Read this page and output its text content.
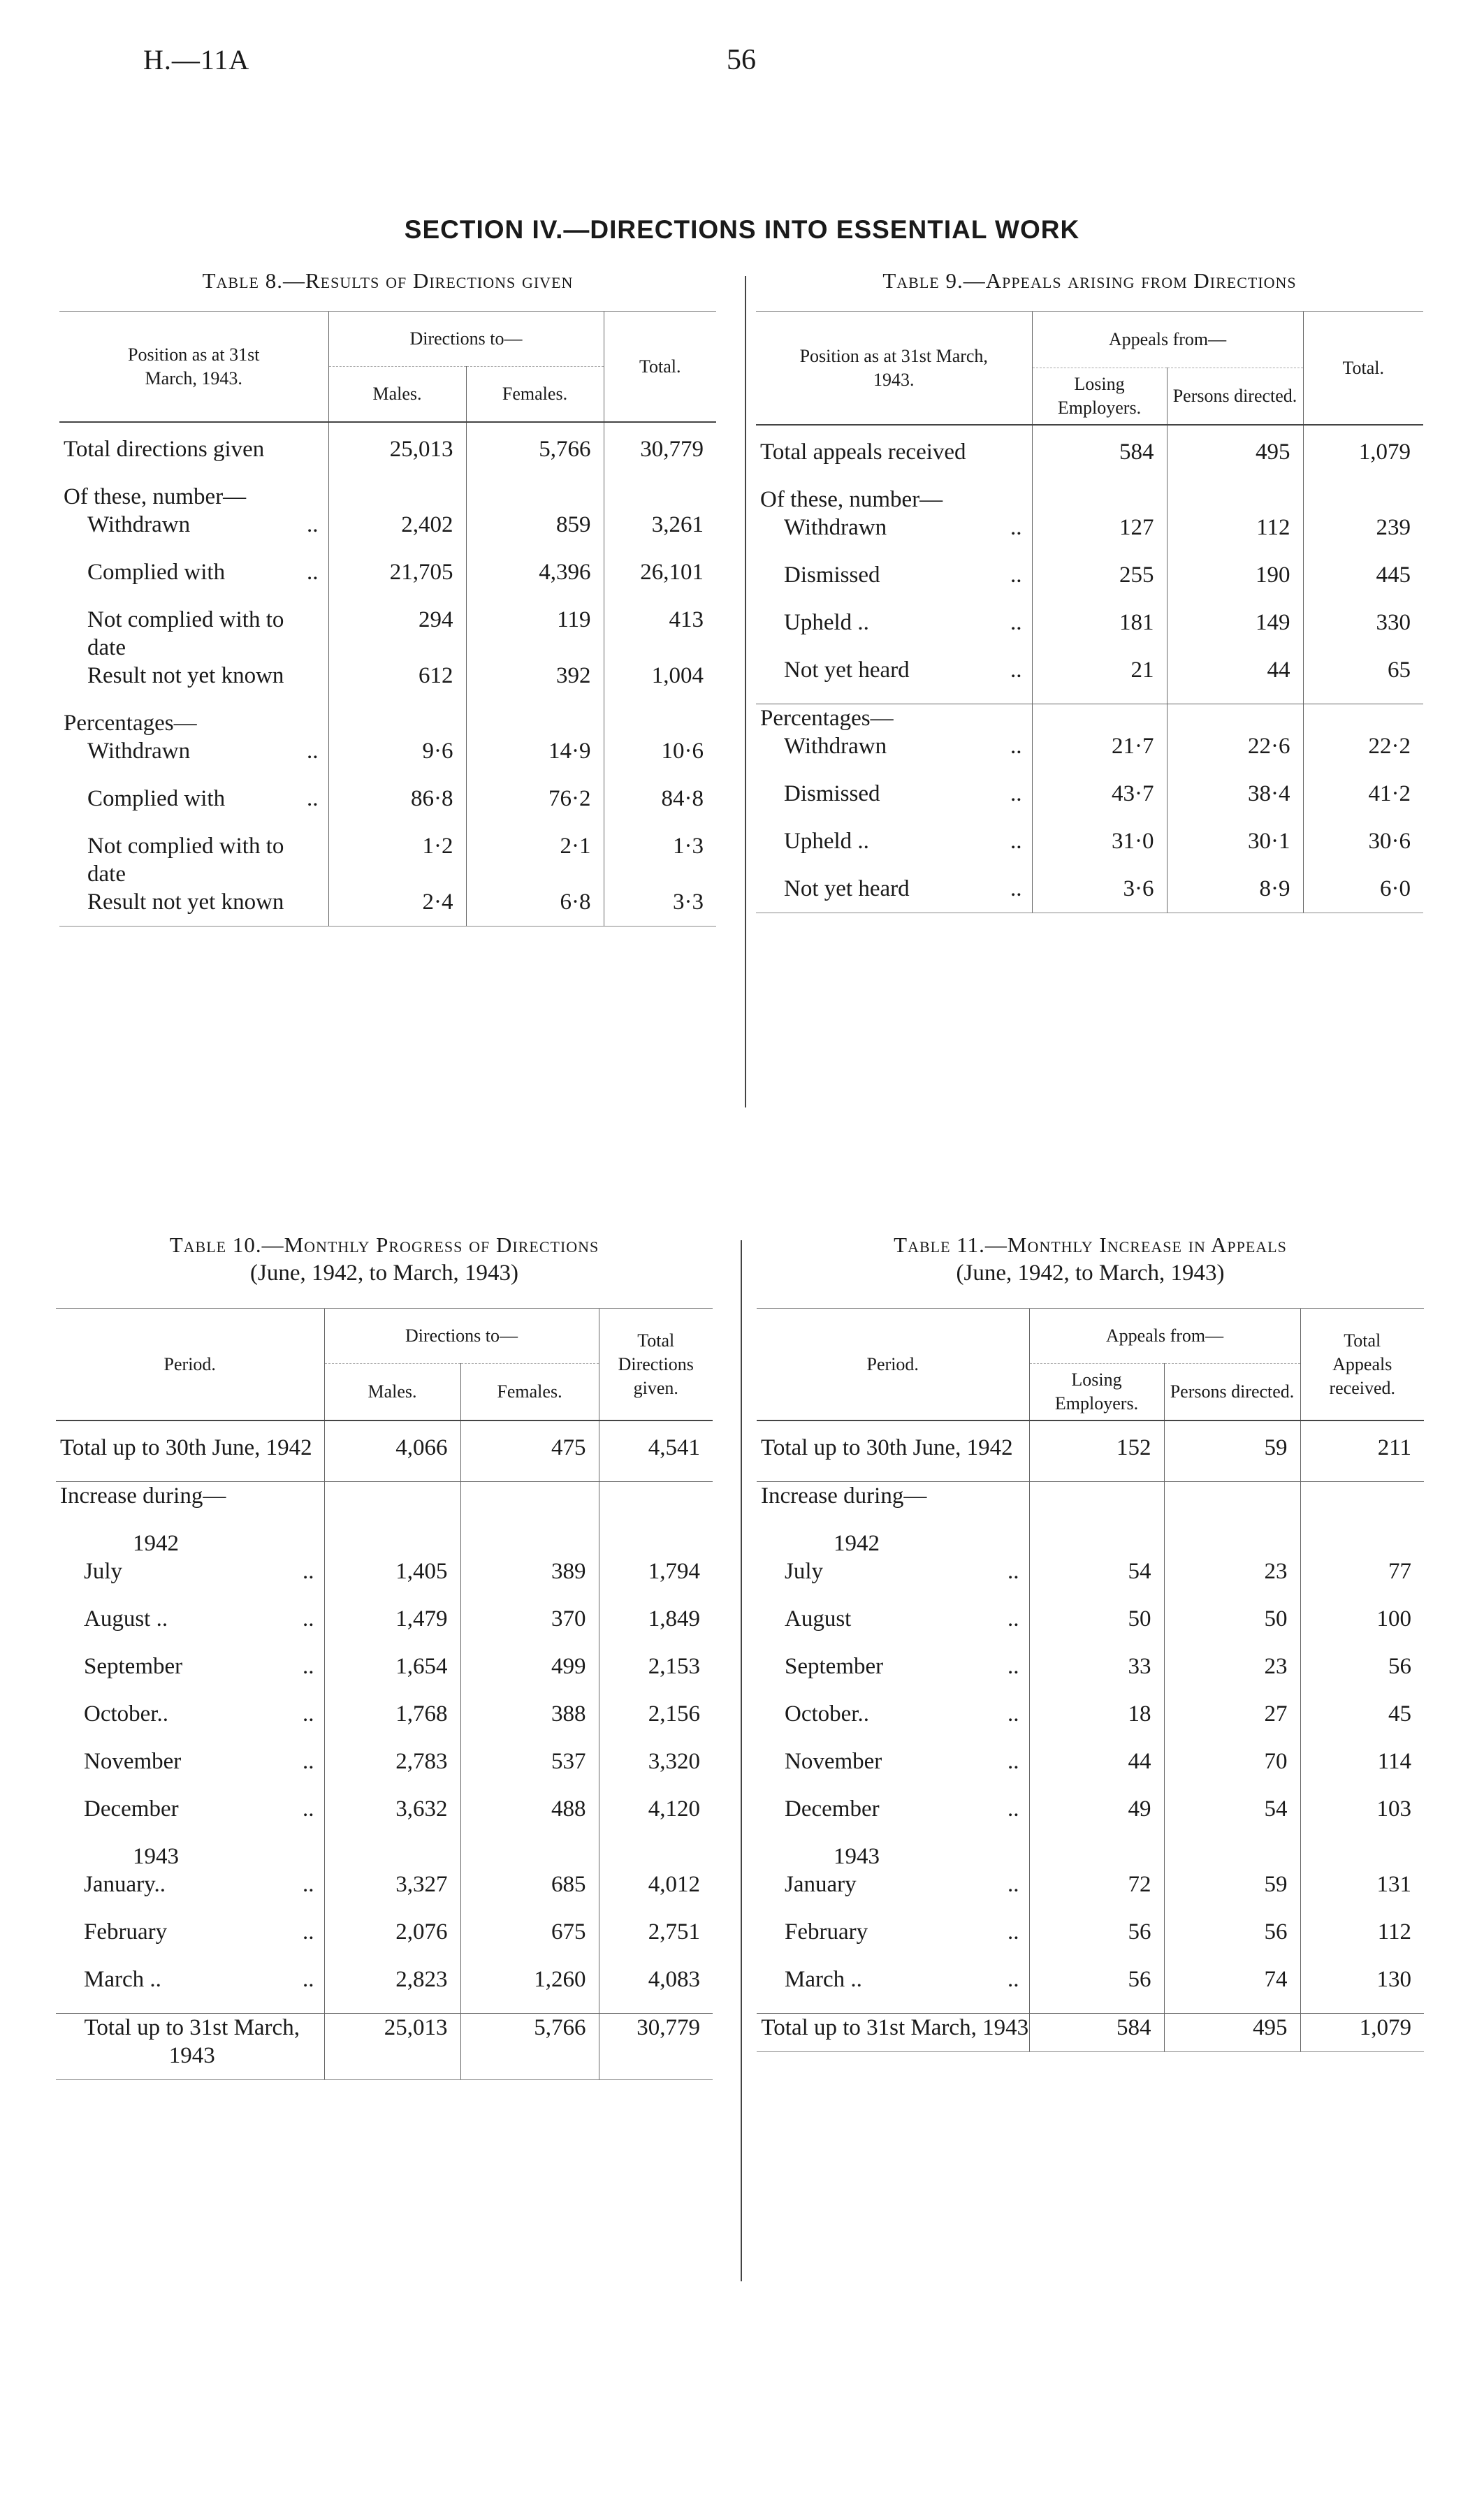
H.—11A	56
SECTION IV.—DIRECTIONS INTO ESSENTIAL WORK
Table 8.—Results of Directions given
Position as at 31st March, 1943.	Directions to—		Total.
	Males.	Females.	
Total directions given	25,013	5,766	30,779

Of these, number—			
Withdrawn ..	2,402	859	3,261

Complied with ..	21,705	4,396	26,101

Not complied with to date	294	119	413
Result not yet known	612	392	1,004

Percentages—			
Withdrawn ..	9·6	14·9	10·6

Complied with ..	86·8	76·2	84·8

Not complied with to date	1·2	2·1	1·3
Result not yet known	2·4	6·8	3·3
Table 9.—Appeals arising from Directions
Position as at 31st March, 1943.	Appeals from—		Total.
	Losing Employers.	Persons directed.	
Total appeals received	584	495	1,079

Of these, number—			
Withdrawn ..	127	112	239

Dismissed ..	255	190	445

Upheld .. ..	181	149	330

Not yet heard ..	21	44	65

Percentages—			
Withdrawn ..	21·7	22·6	22·2

Dismissed ..	43·7	38·4	41·2

Upheld .. ..	31·0	30·1	30·6

Not yet heard ..	3·6	8·9	6·0
Table 10.—Monthly Progress of Directions
(June, 1942, to March, 1943)
Period.	Directions to—		Total Directions given.
	Males.	Females.	
Total up to 30th June, 1942	4,066	475	4,541

Increase during—			

1942			
July ..	1,405	389	1,794

August .. ..	1,479	370	1,849

September ..	1,654	499	2,153

October.. ..	1,768	388	2,156

November ..	2,783	537	3,320

December ..	3,632	488	4,120

1943			
January.. ..	3,327	685	4,012

February ..	2,076	675	2,751

March .. ..	2,823	1,260	4,083

Total up to 31st March, 1943	25,013	5,766	30,779
Table 11.—Monthly Increase in Appeals
(June, 1942, to March, 1943)
Period.	Appeals from—		Total Appeals received.
	Losing Employers.	Persons directed.	
Total up to 30th June, 1942	152	59	211

Increase during—			

1942			
July ..	54	23	77

August ..	50	50	100

September ..	33	23	56

October.. ..	18	27	45

November ..	44	70	114

December ..	49	54	103

1943			
January ..	72	59	131

February ..	56	56	112

March .. ..	56	74	130

Total up to 31st March, 1943	584	495	1,079
